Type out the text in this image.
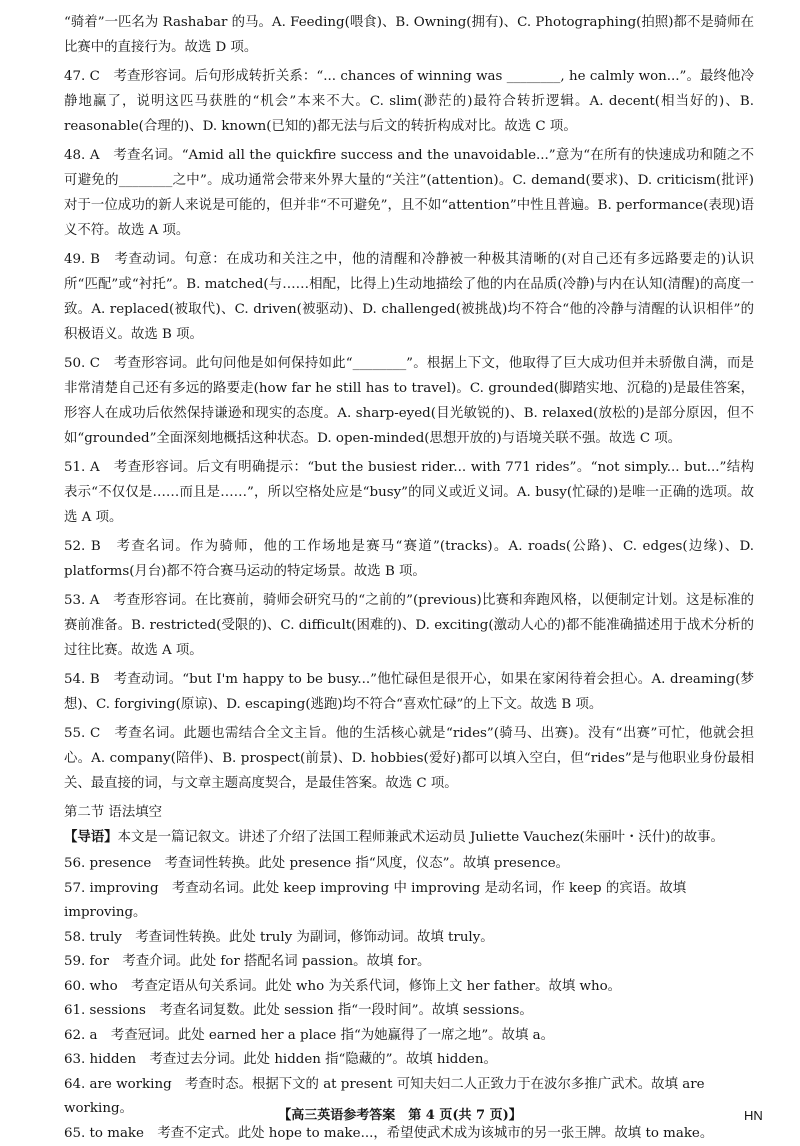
“骑着”一匹名为 Rashabar 的马。A. Feeding(喂食)、B. Owning(拥有)、C. Photographing(拍照)都不是骑师在比赛中的直接行为。故选 D 项。

47. C　考查形容词。后句形成转折关系：“... chances of winning was ________, he calmly won...”。最终他冷静地赢了，说明这匹马获胜的“机会”本来不大。C. slim(渺茫的)最符合转折逻辑。A. decent(相当好的)、B. reasonable(合理的)、D. known(已知的)都无法与后文的转折构成对比。故选 C 项。

48. A　考查名词。“Amid all the quickfire success and the unavoidable...”意为“在所有的快速成功和随之不可避免的________之中”。成功通常会带来外界大量的“关注”(attention)。C. demand(要求)、D. criticism(批评)对于一位成功的新人来说是可能的，但并非“不可避免”，且不如“attention”中性且普遍。B. performance(表现)语义不符。故选 A 项。

49. B　考查动词。句意：在成功和关注之中，他的清醒和冷静被一种极其清晰的(对自己还有多远路要走的)认识所“匹配”或“衬托”。B. matched(与……相配，比得上)生动地描绘了他的内在品质(冷静)与内在认知(清醒)的高度一致。A. replaced(被取代)、C. driven(被驱动)、D. challenged(被挑战)均不符合“他的冷静与清醒的认识相伴”的积极语义。故选 B 项。

50. C　考查形容词。此句问他是如何保持如此“________”。根据上下文，他取得了巨大成功但并未骄傲自满，而是非常清楚自己还有多远的路要走(how far he still has to travel)。C. grounded(脚踏实地、沉稳的)是最佳答案，形容人在成功后依然保持谦逊和现实的态度。A. sharp-eyed(目光敏锐的)、B. relaxed(放松的)是部分原因，但不如“grounded”全面深刻地概括这种状态。D. open-minded(思想开放的)与语境关联不强。故选 C 项。

51. A　考查形容词。后文有明确提示：“but the busiest rider... with 771 rides”。“not simply... but...”结构表示“不仅仅是……而且是……”，所以空格处应是“busy”的同义或近义词。A. busy(忙碌的)是唯一正确的选项。故选 A 项。

52. B　考查名词。作为骑师，他的工作场地是赛马“赛道”(tracks)。A. roads(公路)、C. edges(边缘)、D. platforms(月台)都不符合赛马运动的特定场景。故选 B 项。

53. A　考查形容词。在比赛前，骑师会研究马的“之前的”(previous)比赛和奔跑风格，以便制定计划。这是标准的赛前准备。B. restricted(受限的)、C. difficult(困难的)、D. exciting(激动人心的)都不能准确描述用于战术分析的过往比赛。故选 A 项。

54. B　考查动词。“but I'm happy to be busy...”他忙碌但是很开心，如果在家闲待着会担心。A. dreaming(梦想)、C. forgiving(原谅)、D. escaping(逃跑)均不符合“喜欢忙碌”的上下文。故选 B 项。

55. C　考查名词。此题也需结合全文主旨。他的生活核心就是“rides”(骑马、出赛)。没有“出赛”可忙，他就会担心。A. company(陪伴)、B. prospect(前景)、D. hobbies(爱好)都可以填入空白，但“rides”是与他职业身份最相关、最直接的词，与文章主题高度契合，是最佳答案。故选 C 项。

第二节 语法填空

【导语】本文是一篇记叙文。讲述了介绍了法国工程师兼武术运动员 Juliette Vauchez(朱丽叶・沃什)的故事。

56. presence　考查词性转换。此处 presence 指“风度，仪态”。故填 presence。

57. improving　考查动名词。此处 keep improving 中 improving 是动名词，作 keep 的宾语。故填 improving。

58. truly　考查词性转换。此处 truly 为副词，修饰动词。故填 truly。

59. for　考查介词。此处 for 搭配名词 passion。故填 for。

60. who　考查定语从句关系词。此处 who 为关系代词，修饰上文 her father。故填 who。

61. sessions　考查名词复数。此处 session 指“一段时间”。故填 sessions。

62. a　考查冠词。此处 earned her a place 指“为她赢得了一席之地”。故填 a。

63. hidden　考查过去分词。此处 hidden 指“隐藏的”。故填 hidden。

64. are working　考查时态。根据下文的 at present 可知夫妇二人正致力于在波尔多推广武术。故填 are working。

65. to make　考查不定式。此处 hope to make...，希望使武术成为该城市的另一张王牌。故填 to make。

【高三英语参考答案　第 4 页(共 7 页)】	HN
